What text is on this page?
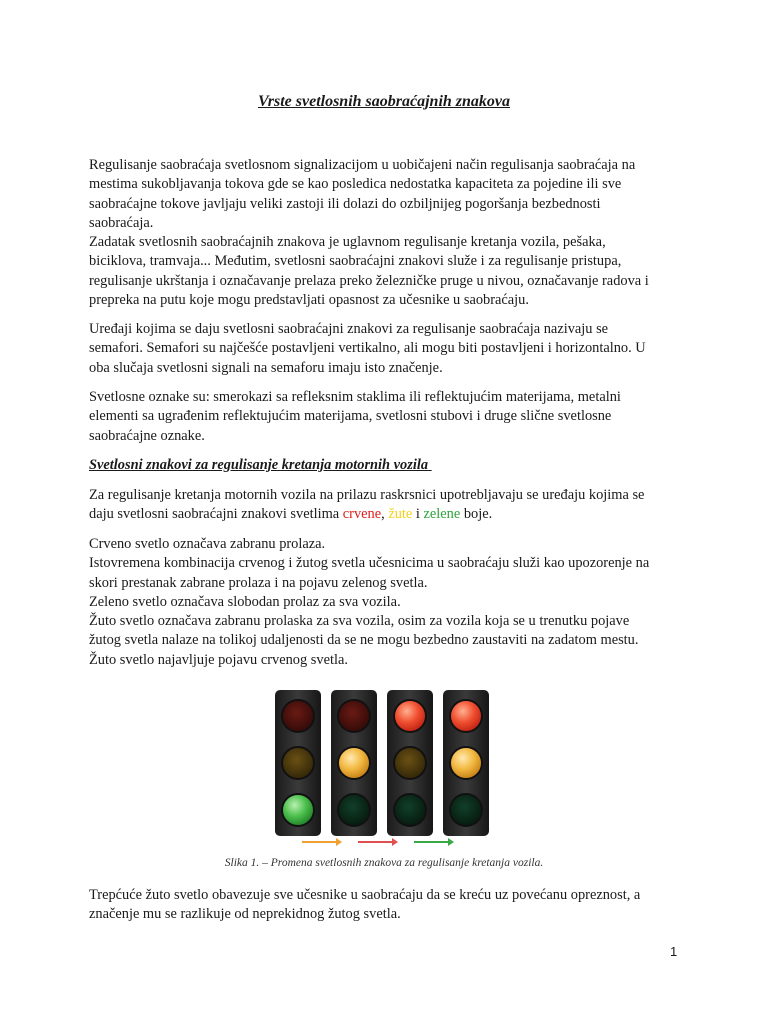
Vrste svetlosnih saobraćajnih znakova

Regulisanje saobraćaja svetlosnom signalizacijom u uobičajeni način regulisanja saobraćaja na
mestima sukobljavanja tokova gde se kao posledica nedostatka kapaciteta za pojedine ili sve
saobraćajne tokove javljaju veliki zastoji ili dolazi do ozbiljnijeg pogoršanja bezbednosti
saobraćaja.
Zadatak svetlosnih saobraćajnih znakova je uglavnom regulisanje kretanja vozila, pešaka,
biciklova, tramvaja... Međutim, svetlosni saobraćajni znakovi služe i za regulisanje pristupa,
regulisanje ukrštanja i označavanje prelaza preko železničke pruge u nivou, označavanje radova i
prepreka na putu koje mogu predstavljati opasnost za učesnike u saobraćaju.

Uređaji kojima se daju svetlosni saobraćajni znakovi za regulisanje saobraćaja nazivaju se
semafori. Semafori su najčešće postavljeni vertikalno, ali mogu biti postavljeni i horizontalno. U
oba slučaja svetlosni signali na semaforu imaju isto značenje.

Svetlosne oznake su: smerokazi sa refleksnim staklima ili reflektujućim materijama, metalni
elementi sa ugrađenim reflektujućim materijama, svetlosni stubovi i druge slične svetlosne
saobraćajne oznake.

Svetlosni znakovi za regulisanje kretanja motornih vozila

Za regulisanje kretanja motornih vozila na prilazu raskrsnici upotrebljavaju se uređaju kojima se
daju svetlosni saobraćajni znakovi svetlima crvene, žute i zelene boje.

Crveno svetlo označava zabranu prolaza.
Istovremena kombinacija crvenog i žutog svetla učesnicima u saobraćaju služi kao upozorenje na
skori prestanak zabrane prolaza i na pojavu zelenog svetla.
Zeleno svetlo označava slobodan prolaz za sva vozila.
Žuto svetlo označava zabranu prolaska za sva vozila, osim za vozila koja se u trenutku pojave
žutog svetla nalaze na tolikoj udaljenosti da se ne mogu bezbedno zaustaviti na zadatom mestu.
Žuto svetlo najavljuje pojavu crvenog svetla.

Slika 1. – Promena svetlosnih znakova za regulisanje kretanja vozila.

Trepćuće žuto svetlo obavezuje sve učesnike u saobraćaju da se kreću uz povećanu opreznost, a
značenje mu se razlikuje od neprekidnog žutog svetla.

1
